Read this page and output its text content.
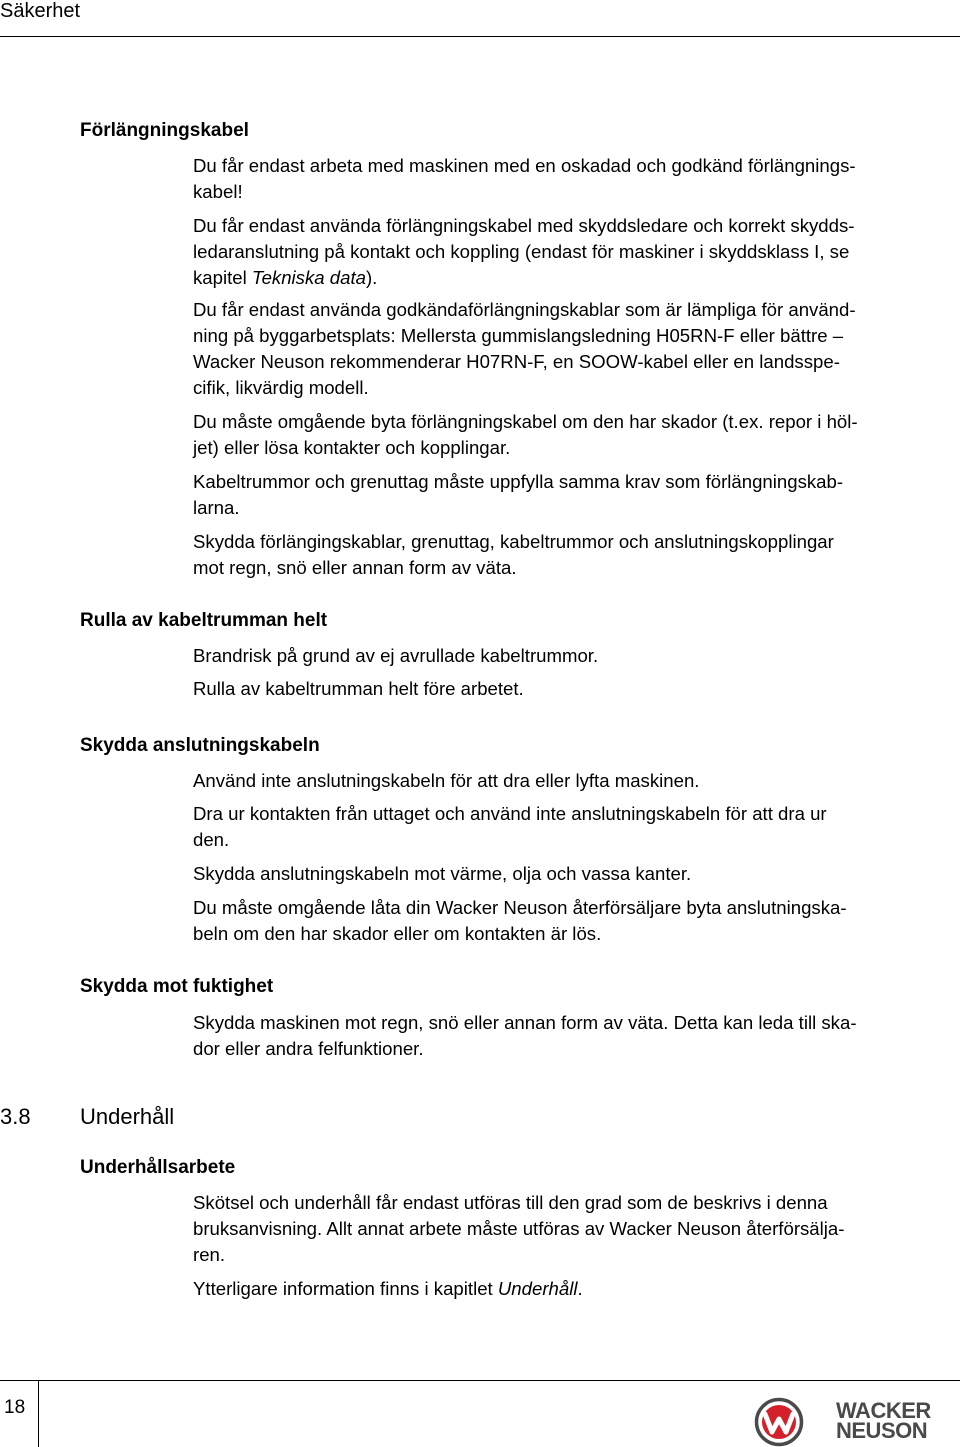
Säkerhet
Förlängningskabel

Du får endast arbeta med maskinen med en oskadad och godkänd förlängnings-
kabel!

Du får endast använda förlängningskabel med skyddsledare och korrekt skydds-
ledaranslutning på kontakt och koppling (endast för maskiner i skyddsklass I, se
kapitel Tekniska data).

Du får endast använda godkändaförlängningskablar som är lämpliga för använd-
ning på byggarbetsplats: Mellersta gummislangsledning H05RN-F eller bättre –
Wacker Neuson rekommenderar H07RN-F, en SOOW-kabel eller en landsspe-
cifik, likvärdig modell.

Du måste omgående byta förlängningskabel om den har skador (t.ex. repor i höl-
jet) eller lösa kontakter och kopplingar.

Kabeltrummor och grenuttag måste uppfylla samma krav som förlängningskab-
larna.

Skydda förlängingskablar, grenuttag, kabeltrummor och anslutningskopplingar
mot regn, snö eller annan form av väta.

Rulla av kabeltrumman helt

Brandrisk på grund av ej avrullade kabeltrummor.

Rulla av kabeltrumman helt före arbetet.

Skydda anslutningskabeln

Använd inte anslutningskabeln för att dra eller lyfta maskinen.

Dra ur kontakten från uttaget och använd inte anslutningskabeln för att dra ur
den.

Skydda anslutningskabeln mot värme, olja och vassa kanter.

Du måste omgående låta din Wacker Neuson återförsäljare byta anslutningska-
beln om den har skador eller om kontakten är lös.

Skydda mot fuktighet

Skydda maskinen mot regn, snö eller annan form av väta. Detta kan leda till ska-
dor eller andra felfunktioner.

3.8 Underhåll
Underhållsarbete

Skötsel och underhåll får endast utföras till den grad som de beskrivs i denna
bruksanvisning. Allt annat arbete måste utföras av Wacker Neuson återförsälja-
ren.

Ytterligare information finns i kapitlet Underhåll.

18	WACKER
NEUSON
